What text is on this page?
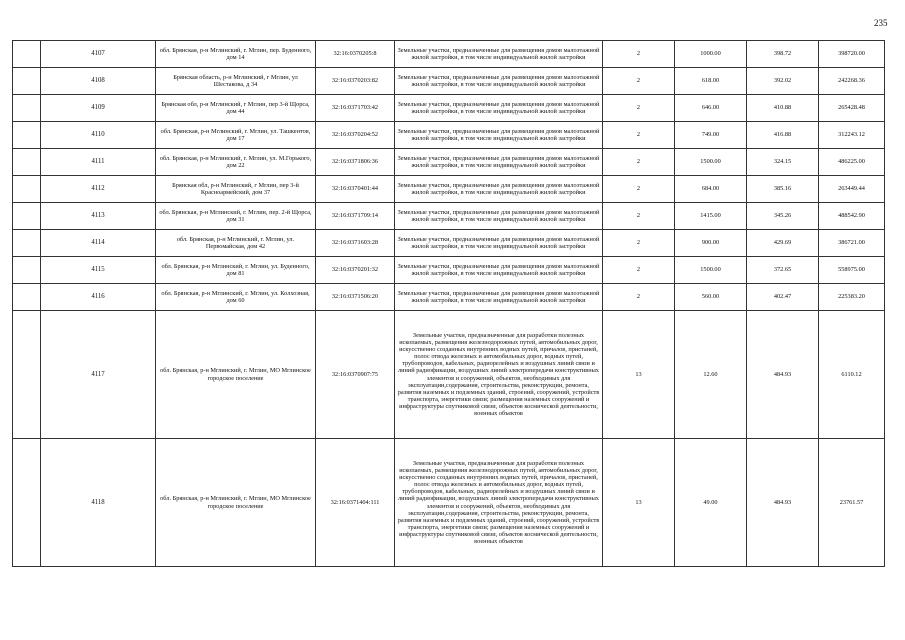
235
	4107	обл. Брянская, р-н Мглинский, г. Мглин, пер. Буденного, дом 14	32:16:0370205:8	Земельные участки, предназначенные для размещения домов малоэтажной жилой застройки, в том числе индивидуальной жилой застройки	2	1000.00	398.72	398720.00
	4108	Брянская область, р-н Мглинский, г Мглин, ул Шестакова, д 34	32:16:0370203:82	Земельные участки, предназначенные для размещения домов малоэтажной жилой застройки, в том числе индивидуальной жилой застройки	2	618.00	392.02	242268.36
	4109	Брянская обл, р-н Мглинский, г Мглин, пер 3-й Щорса, дом 44	32:16:0371703:42	Земельные участки, предназначенные для размещения домов малоэтажной жилой застройки, в том числе индивидуальной жилой застройки	2	646.00	410.88	265428.48
	4110	обл. Брянская, р-н Мглинский, г. Мглин, ул. Ташкентов, дом 17	32:16:0370204:52	Земельные участки, предназначенные для размещения домов малоэтажной жилой застройки, в том числе индивидуальной жилой застройки	2	749.00	416.88	312243.12
	4111	обл. Брянская, р-н Мглинский, г. Мглин, ул. М.Горького, дом 22	32:16:0371806:36	Земельные участки, предназначенные для размещения домов малоэтажной жилой застройки, в том числе индивидуальной жилой застройки	2	1500.00	324.15	486225.00
	4112	Брянская обл, р-н Мглинский, г Мглин, пер 3-й Красноармейский, дом 37	32:16:0370401:44	Земельные участки, предназначенные для размещения домов малоэтажной жилой застройки, в том числе индивидуальной жилой застройки	2	684.00	385.16	263449.44
	4113	обл. Брянская, р-н Мглинский, г. Мглин, пер. 2-й Щорса, дом 31	32:16:0371709:14	Земельные участки, предназначенные для размещения домов малоэтажной жилой застройки, в том числе индивидуальной жилой застройки	2	1415.00	345.26	488542.90
	4114	обл. Брянская, р-н Мглинский, г. Мглин, ул. Первомайская, дом 42	32:16:0371603:28	Земельные участки, предназначенные для размещения домов малоэтажной жилой застройки, в том числе индивидуальной жилой застройки	2	900.00	429.69	386721.00
	4115	обл. Брянская, р-н Мглинский, г. Мглин, ул. Буденного, дом 81	32:16:0370201:32	Земельные участки, предназначенные для размещения домов малоэтажной жилой застройки, в том числе индивидуальной жилой застройки	2	1500.00	372.65	558975.00
	4116	обл. Брянская, р-н Мглинский, г. Мглин, ул. Колхозная, дом 60	32:16:0371506:20	Земельные участки, предназначенные для размещения домов малоэтажной жилой застройки, в том числе индивидуальной жилой застройки	2	560.00	402.47	225383.20
	4117	обл. Брянская, р-н Мглинский, г. Мглин, МО Мглинское городское поселение	32:16:0370907:75	Земельные участки, предназначенные для разработки полезных ископаемых, размещения железнодорожных путей, автомобильных дорог, искусственно созданных внутренних водных путей, причалов, пристаней, полос отвода железных и автомобильных дорог, водных путей, трубопроводов, кабельных, радиорелейных и воздушных линий связи и линий радиофикации, воздушных линий электропередачи конструктивных элементов и сооружений, объектов, необходимых для эксплуатации,содержания, строительства, реконструкции, ремонта, развития наземных и подземных зданий, строений, сооружений, устройств транспорта, энергетики связи; размещения наземных сооружений и инфраструктуры спутниковой связи, объектов космической деятельности, военных объектов	13	12.60	484.93	6110.12
	4118	обл. Брянская, р-н Мглинский, г. Мглин, МО Мглинское городское поселение	32:16:0371404:111	Земельные участки, предназначенные для разработки полезных ископаемых, размещения железнодорожных путей, автомобильных дорог, искусственно созданных внутренних водных путей, причалов, пристаней, полос отвода железных и автомобильных дорог, водных путей, трубопроводов, кабельных, радиорелейных и воздушных линий связи и линий радиофикации, воздушных линий электропередачи конструктивных элементов и сооружений, объектов, необходимых для эксплуатации,содержания, строительства, реконструкции, ремонта, развития наземных и подземных зданий, строений, сооружений, устройств транспорта, энергетики связи; размещения наземных сооружений и инфраструктуры спутниковой связи, объектов космической деятельности, военных объектов	13	49.00	484.93	23761.57
